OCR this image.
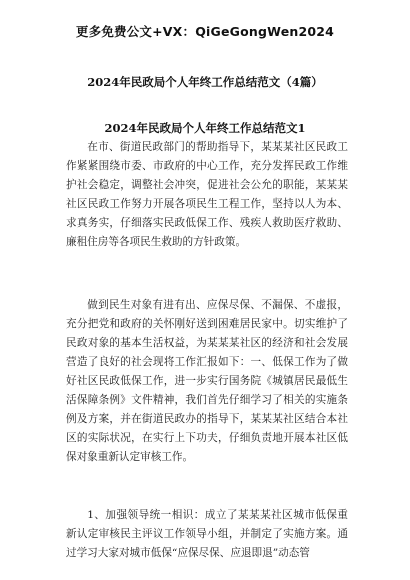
更多免费公文+VX：QiGeGongWen2024
2024年民政局个人年终工作总结范文（4篇）
2024年民政局个人年终工作总结范文1

在市、街道民政部门的帮助指导下，某某某社区民政工作紧紧围绕市委、市政府的中心工作，充分发挥民政工作维护社会稳定，调整社会冲突，促进社会公允的职能，某某某社区民政工作努力开展各项民生工程工作，坚持以人为本、求真务实，仔细落实民政低保工作、残疾人救助医疗救助、廉租住房等各项民生救助的方针政策。

做到民生对象有进有出、应保尽保、不漏保、不虚报，充分把党和政府的关怀刚好送到困难居民家中。切实维护了民政对象的基本生活权益，为某某某社区的经济和社会发展营造了良好的社会现将工作汇报如下：一、低保工作为了做好社区民政低保工作，进一步实行国务院《城镇居民最低生活保障条例》文件精神，我们首先仔细学习了相关的实施条例及方案，并在街道民政办的指导下，某某某社区结合本社区的实际状况，在实行上下功夫，仔细负责地开展本社区低保对象重新认定审核工作。

1、加强领导统一相识：成立了某某某社区城市低保重新认定审核民主评议工作领导小组，并制定了实施方案。通过学习大家对城市低保“应保尽保、应退即退”动态管
